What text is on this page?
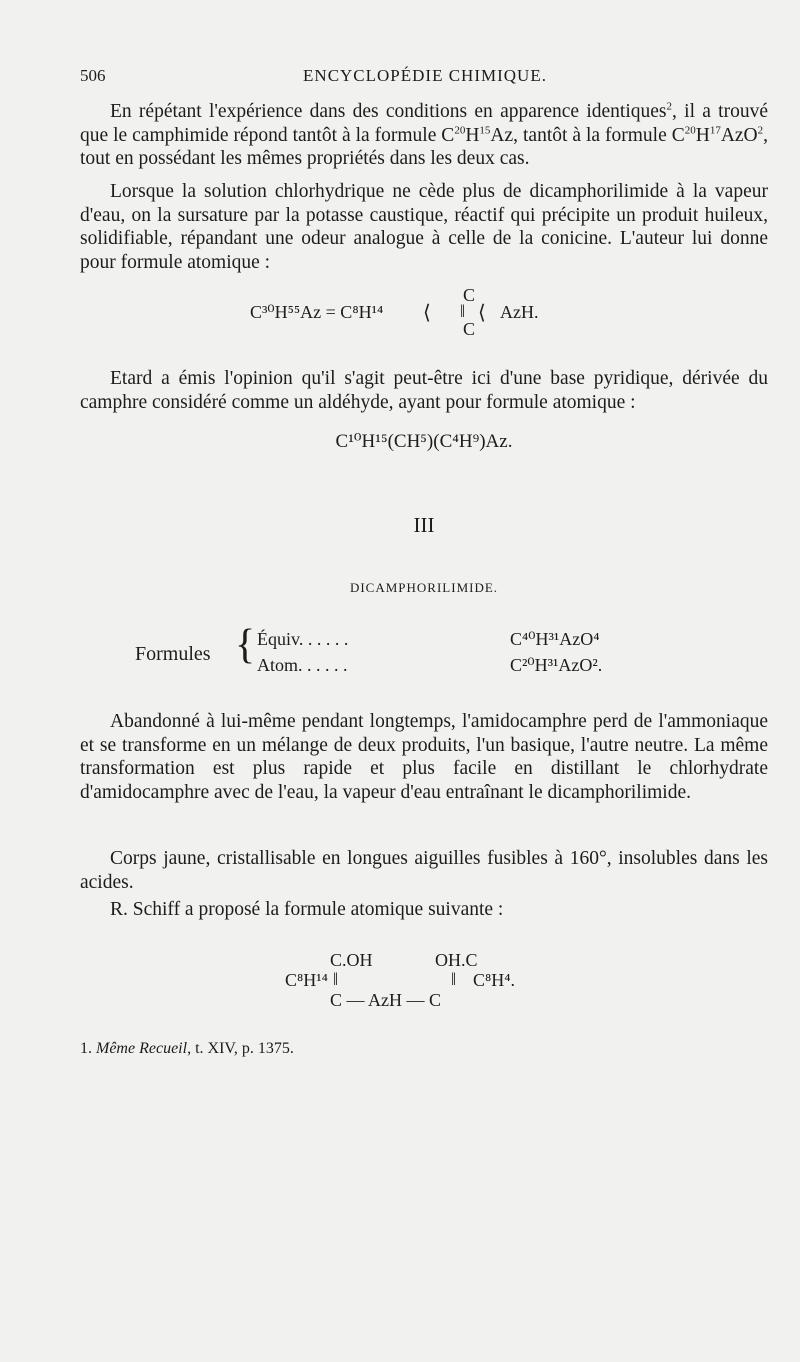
506	ENCYCLOPÉDIE CHIMIQUE.

En répétant l'expérience dans des conditions en apparence identiques$^2$, il a trouvé que le camphimide répond tantôt à la formule $C^{20}H^{15}Az$, tantôt à la formule $C^{20}H^{17}AzO^2$, tout en possédant les mêmes propriétés dans les deux cas.

Lorsque la solution chlorhydrique ne cède plus de dicamphorilimide à la vapeur d'eau, on la sursature par la potasse caustique, réactif qui précipite un produit huileux, solidifiable, répandant une odeur analogue à celle de la conicine. L'auteur lui donne pour formule atomique :

C
C³⁰H⁵⁵Az = C⁸H¹⁴ ⟨ ‖ ⟨ AzH.
C

Etard a émis l'opinion qu'il s'agit peut-être ici d'une base pyridique, dérivée du camphre considéré comme un aldéhyde, ayant pour formule atomique :

C¹⁰H¹⁵(CH⁵)(C⁴H⁹)Az.
III
DICAMPHORILIMIDE.
Formules { Équiv. . . . . .	C⁴⁰H³¹AzO⁴
Atom. . . . . .	C²⁰H³¹AzO².

Abandonné à lui-même pendant longtemps, l'amidocamphre perd de l'ammoniaque et se transforme en un mélange de deux produits, l'un basique, l'autre neutre. La même transformation est plus rapide et plus facile en distillant le chlorhydrate d'amidocamphre avec de l'eau, la vapeur d'eau entraînant le dicamphorilimide.

Corps jaune, cristallisable en longues aiguilles fusibles à 160°, insolubles dans les acides.

R. Schiff a proposé la formule atomique suivante :

C.OH	OH.C
C⁸H¹⁴ ‖	‖ C⁸H⁴.
C — AzH — C
1. Même Recueil, t. XIV, p. 1375.
